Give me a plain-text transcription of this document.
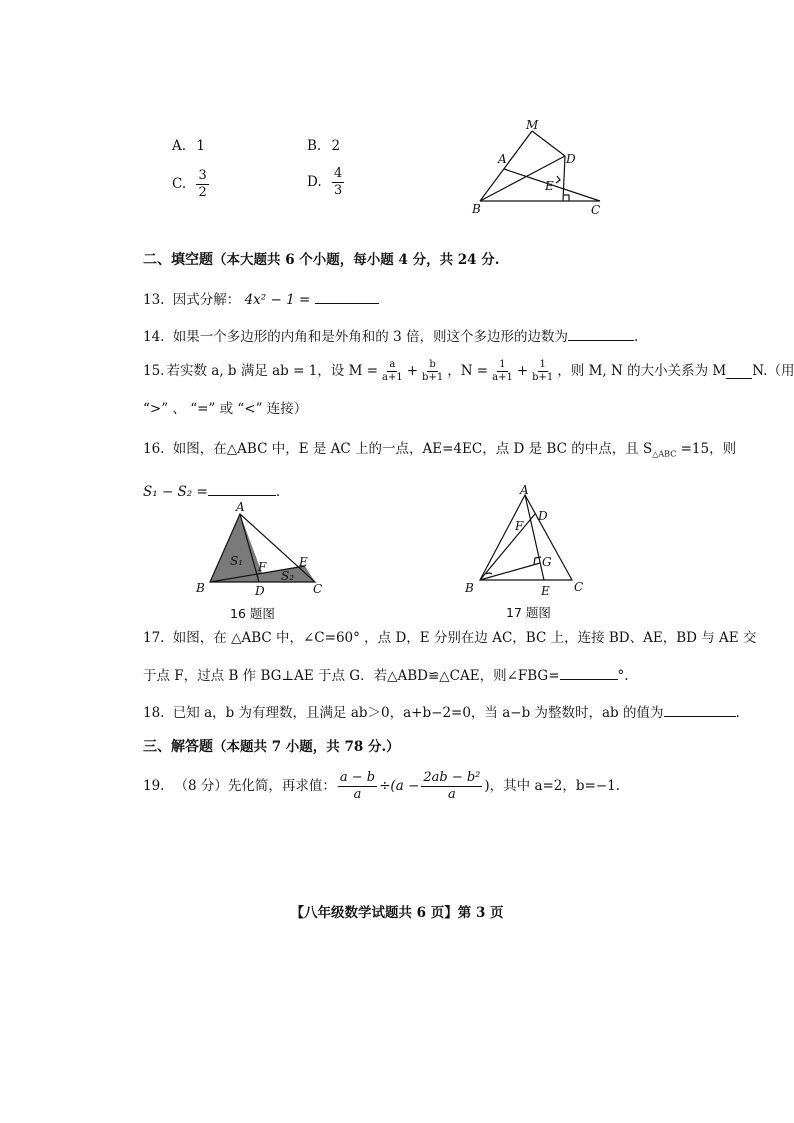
A. 1	B. 2
C. $\frac{3}{2}$	D. $\frac{4}{3}$
M
A	D
E
B	C
二、填空题（本大题共 6 个小题，每小题 4 分，共 24 分.
13. 因式分解： 4x² − 1 =
14. 如果一个多边形的内角和是外角和的 3 倍，则这个多边形的边数为	.
15. 若实数 a, b 满足 ab = 1，设 $M = \frac{a}{a+1} + \frac{b}{b+1}$ ，$N = \frac{1}{a+1} + \frac{1}{b+1}$ ，则 M, N 的大小关系为 M N.（用
“>” 、 “=” 或 “<” 连接）
16. 如图，在△ABC 中，E 是 AC 上的一点，AE=4EC，点 D 是 BC 的中点，且 $S_{\triangle ABC} =15$，则
S₁ − S₂ =	.
A
S₁ F	E
S₂
B	D	C
16 题图
A
D
F
G
B	E C
17 题图
17. 如图，在 △ABC 中，∠C=60° ，点 D，E 分别在边 AC，BC 上，连接 BD、AE，BD 与 AE 交
于点 F，过点 B 作 BG⊥AE 于点 G．若△ABD≌△CAE，则∠FBG=	°.
18. 已知 a，b 为有理数，且满足 ab＞0，a+b−2=0，当 a−b 为整数时，ab 的值为	.
三、解答题（本题共 7 小题，共 78 分.）
19. （8 分）先化简，再求值： $\frac{a - b}{a} \div(a - \frac{\text{2ab − b²}}{a}$ )，其中 a=2，b=−1.
【八年级数学试题共 6 页】第 3 页
